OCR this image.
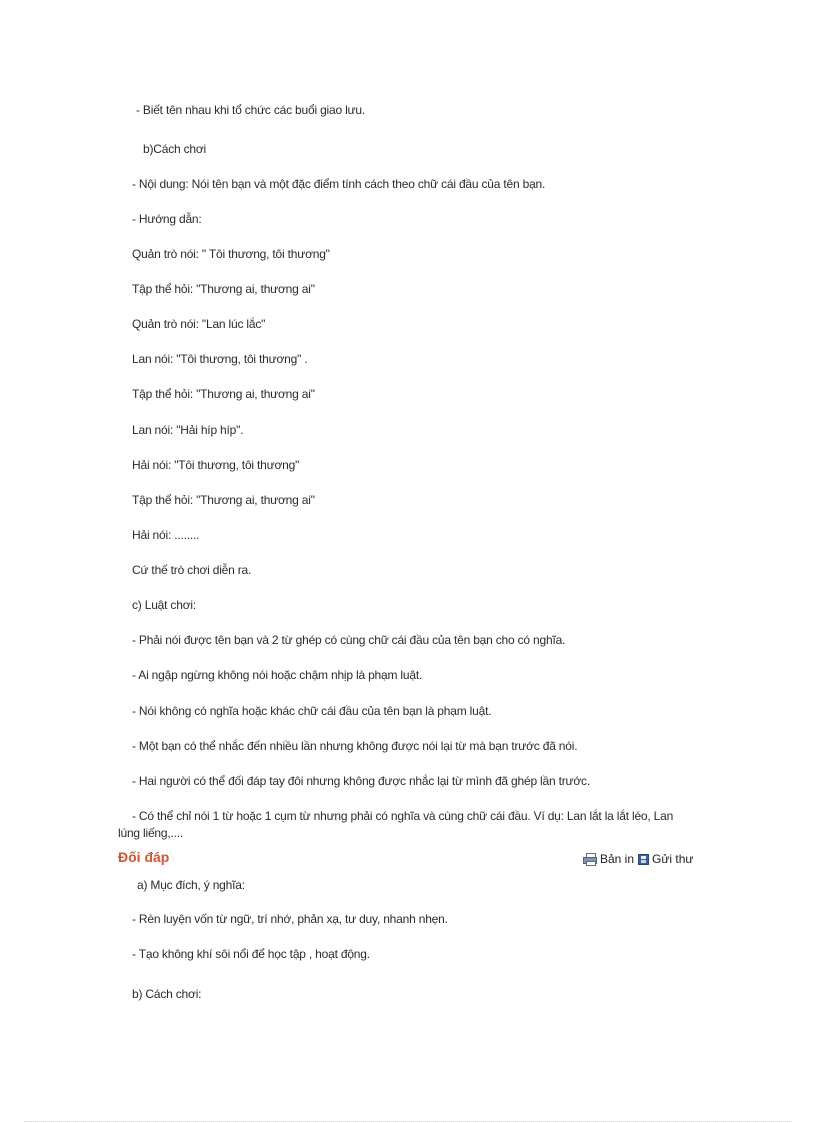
- Biết tên nhau khi tổ chức các buổi giao lưu.
b)Cách chơi
- Nội dung: Nói tên bạn và một đặc điểm tính cách theo chữ cái đầu của tên bạn.
- Hướng dẫn:
Quản trò nói: " Tôi thương, tôi thương"
Tập thể hỏi: "Thương ai, thương ai"
Quản trò nói: "Lan lúc lắc"
Lan nói: "Tôi thương, tôi thương" .
Tập thể hỏi: "Thương ai, thương ai"
Lan nói: "Hải híp híp".
Hải nói: "Tôi thương, tôi thương"
Tập thể hỏi: "Thương ai, thương ai"
Hải nói: ........
Cứ thế trò chơi diễn ra.
c) Luật chơi:
- Phải nói được tên bạn và 2 từ ghép có cùng chữ cái đầu của tên bạn cho có nghĩa.
- Ai ngập ngừng không nói hoặc chậm nhịp là phạm luật.
- Nói không có nghĩa hoặc khác chữ cái đầu của tên bạn là phạm luật.
- Một bạn có thể nhắc đến nhiều lần nhưng không được nói lại từ mà bạn trước đã nói.
- Hai người có thể đối đáp tay đôi nhưng không được nhắc lại từ mình đã ghép lần trước.
- Có thể chỉ nói 1 từ hoặc 1 cụm từ nhưng phải có nghĩa và cùng chữ cái đầu. Ví dụ: Lan lắt la lắt léo, Lan lúng liếng,....
Đối đáp	Bản in Gửi thư
a) Mục đích, ý nghĩa:
- Rèn luyện vốn từ ngữ, trí nhớ, phản xạ, tư duy, nhanh nhẹn.
- Tạo không khí sôi nổi để học tập , hoạt động.
b) Cách chơi:
